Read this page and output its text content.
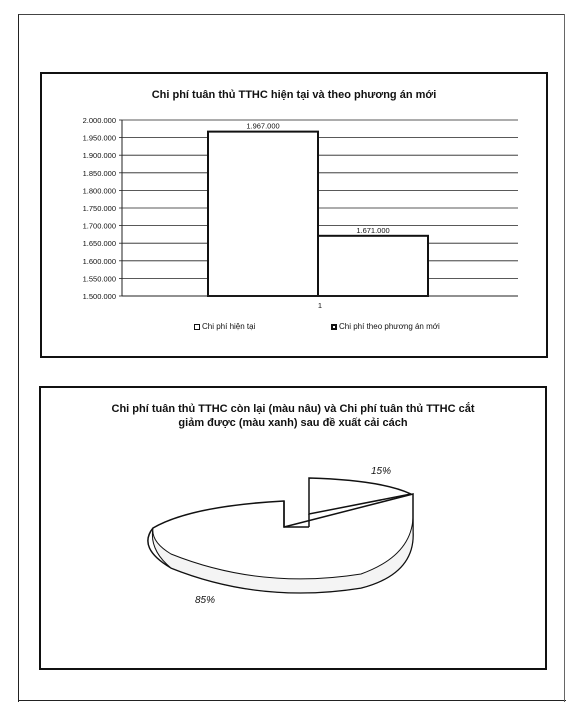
Chi phí tuân thủ TTHC hiện tại và theo phương án mới
1.500.000
1.550.000
1.600.000
1.650.000
1.700.000
1.750.000
1.800.000
1.850.000
1.900.000
1.950.000
2.000.000
1.967.000
1.671.000
1
Chi phí hiện tại	Chi phí theo phương án mới
Chi phí tuân thủ TTHC còn lại (màu nâu) và Chi phí tuân thủ TTHC cắt
giảm được (màu xanh) sau đề xuất cải cách
15%
85%
